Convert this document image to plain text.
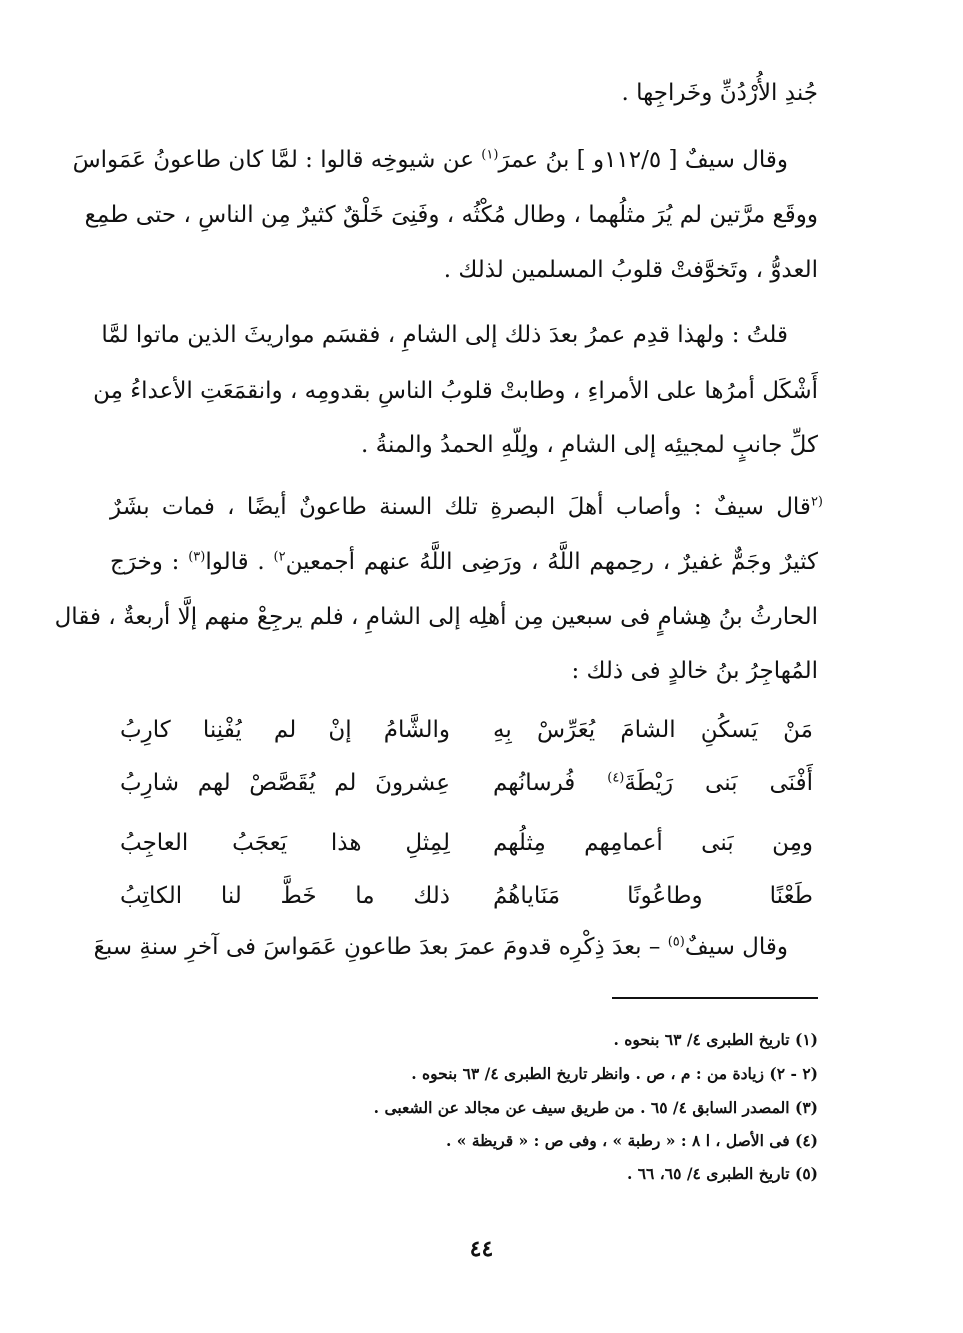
جُندِ الأُرْدُنِّ وخَراجِها .
وقال سيفٌ [ ١١٢/٥و ] بنُ عمرَ$^{(١)}$ عن شيوخِه قالوا : لمَّا كان طاعونُ عَمَواسَ
ووقَع مرَّتين لم يُرَ مثلُهما ، وطال مُكْثُه ، وفَنِىَ خَلْقٌ كثيرٌ مِن الناسِ ، حتى طمِع
العدوُّ ، وتَخوَّفتْ قلوبُ المسلمين لذلك .
قلتُ : ولهذا قدِم عمرُ بعدَ ذلك إلى الشامِ ، فقسَم مواريثَ الذين ماتوا لمَّا
أَشْكَل أمرُها على الأمراءِ ، وطابتْ قلوبُ الناسِ بقدومِه ، وانقمَعَتِ الأعداءُ مِن
كلِّ جانبٍ لمجيئِه إلى الشامِ ، ولِلّهِ الحمدُ والمنةُ .
$^{(٢}$قال سيفٌ : وأصاب أهلَ البصرةِ تلك السنة طاعونٌ أيضًا ، فمات بشَرٌ
كثيرٌ وجَمٌّ غفيرٌ ، رحِمهم اللَّهُ ، ورَضِى اللَّهُ عنهم أجمعين$^{٢)}$ . قالوا$^{(٣)}$ : وخرَج
الحارثُ بنُ هِشامٍ فى سبعين مِن أهلِه إلى الشامِ ، فلم يرجِعْ منهم إلَّا أربعةٌ ، فقال
المُهاجِرُ بنُ خالدٍ فى ذلك :
مَنْ يَسكُنِ الشامَ يُعَرِّسْ بِهِ
والشَّامُ إنْ لم يُفْنِنا كارِبُ
أَفْنَى بَنى رَيْطَةَ$^{(٤)}$ فُرسانُهم
عِشرونَ لم يُقَصَّصْ لهم شارِبُ
ومِن بَنى أعمامِهم مِثلُهم
لِمِثلِ هذا يَعجَبُ العاجِبُ
طَعْنًا وطاعُونًا مَنَاياهُمُ
ذلك ما خَطَّ لنا الكاتِبُ
وقال سيفٌ$^{(٥)}$ – بعدَ ذِكْرِه قدومَ عمرَ بعدَ طاعونِ عَمَواسَ فى آخرِ سنةِ سبعَ
(١) تاريخ الطبرى ٤/ ٦٣ بنحوه .
(٢ - ٢) زيادة من : م ، ص . وانظر تاريخ الطبرى ٤/ ٦٣ بنحوه .
(٣) المصدر السابق ٤/ ٦٥ . من طريق سيف عن مجالد عن الشعبى .
(٤) فى الأصل ، ا ٨ : « رطبة » ، وفى ص : « قريظة » .
(٥) تاريخ الطبرى ٤/ ٦٥، ٦٦ .
٤٤
